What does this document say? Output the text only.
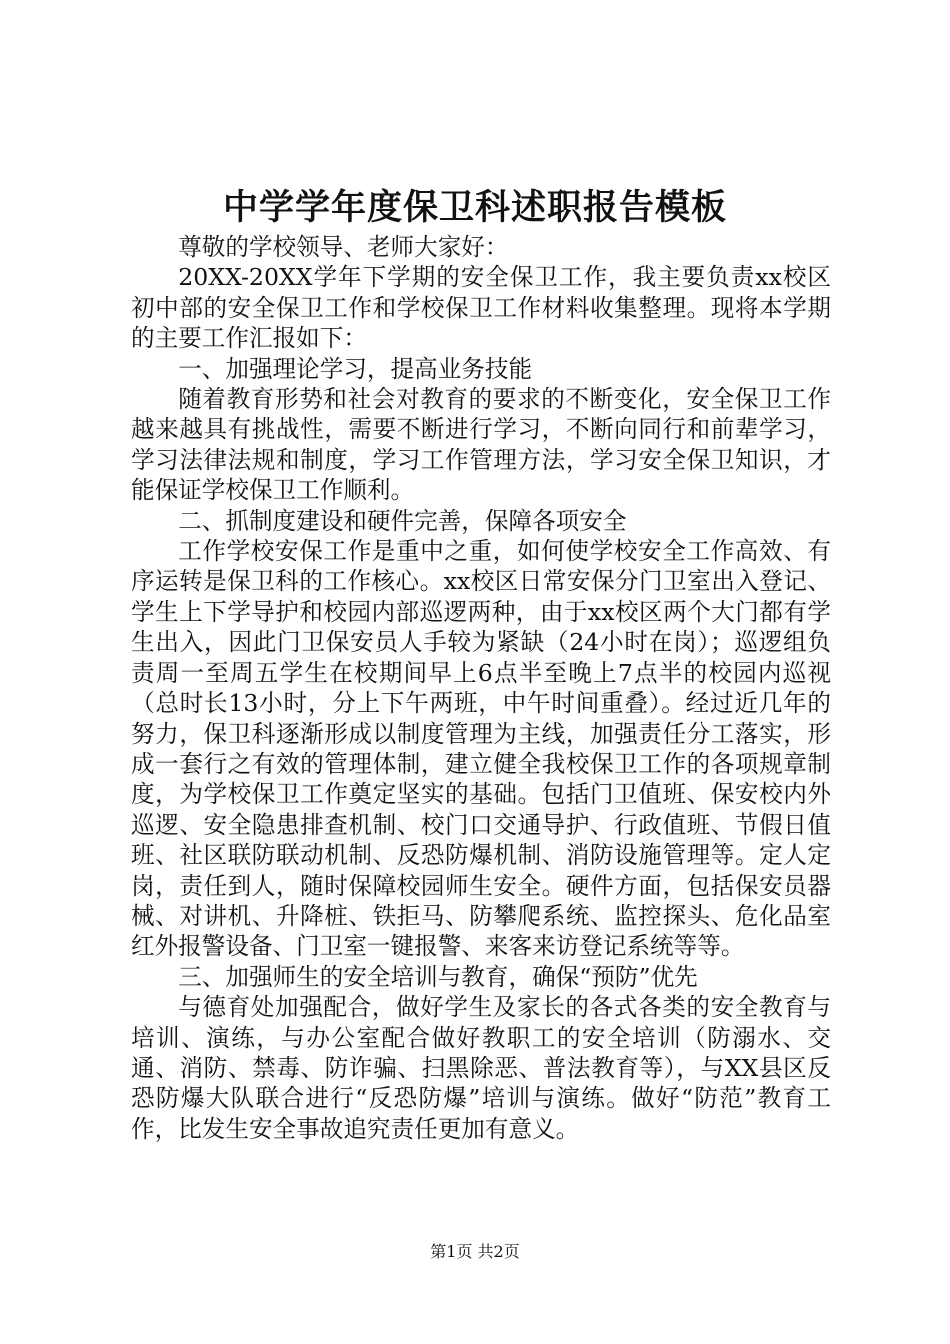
中学学年度保卫科述职报告模板

尊敬的学校领导、老师大家好：

20XX-20XX学年下学期的安全保卫工作，我主要负责xx校区初中部的安全保卫工作和学校保卫工作材料收集整理。现将本学期的主要工作汇报如下：

一、加强理论学习，提高业务技能

随着教育形势和社会对教育的要求的不断变化，安全保卫工作越来越具有挑战性，需要不断进行学习，不断向同行和前辈学习，学习法律法规和制度，学习工作管理方法，学习安全保卫知识，才能保证学校保卫工作顺利。

二、抓制度建设和硬件完善，保障各项安全

工作学校安保工作是重中之重，如何使学校安全工作高效、有序运转是保卫科的工作核心。xx校区日常安保分门卫室出入登记、学生上下学导护和校园内部巡逻两种，由于xx校区两个大门都有学生出入，因此门卫保安员人手较为紧缺（24小时在岗）；巡逻组负责周一至周五学生在校期间早上6点半至晚上7点半的校园内巡视（总时长13小时，分上下午两班，中午时间重叠）。经过近几年的努力，保卫科逐渐形成以制度管理为主线，加强责任分工落实，形成一套行之有效的管理体制，建立健全我校保卫工作的各项规章制度，为学校保卫工作奠定坚实的基础。包括门卫值班、保安校内外巡逻、安全隐患排查机制、校门口交通导护、行政值班、节假日值班、社区联防联动机制、反恐防爆机制、消防设施管理等。定人定岗，责任到人，随时保障校园师生安全。硬件方面，包括保安员器械、对讲机、升降桩、铁拒马、防攀爬系统、监控探头、危化品室红外报警设备、门卫室一键报警、来客来访登记系统等等。

三、加强师生的安全培训与教育，确保“预防”优先

与德育处加强配合，做好学生及家长的各式各类的安全教育与培训、演练，与办公室配合做好教职工的安全培训（防溺水、交通、消防、禁毒、防诈骗、扫黑除恶、普法教育等），与XX县区反恐防爆大队联合进行“反恐防爆”培训与演练。做好“防范”教育工作，比发生安全事故追究责任更加有意义。

第1页 共2页
